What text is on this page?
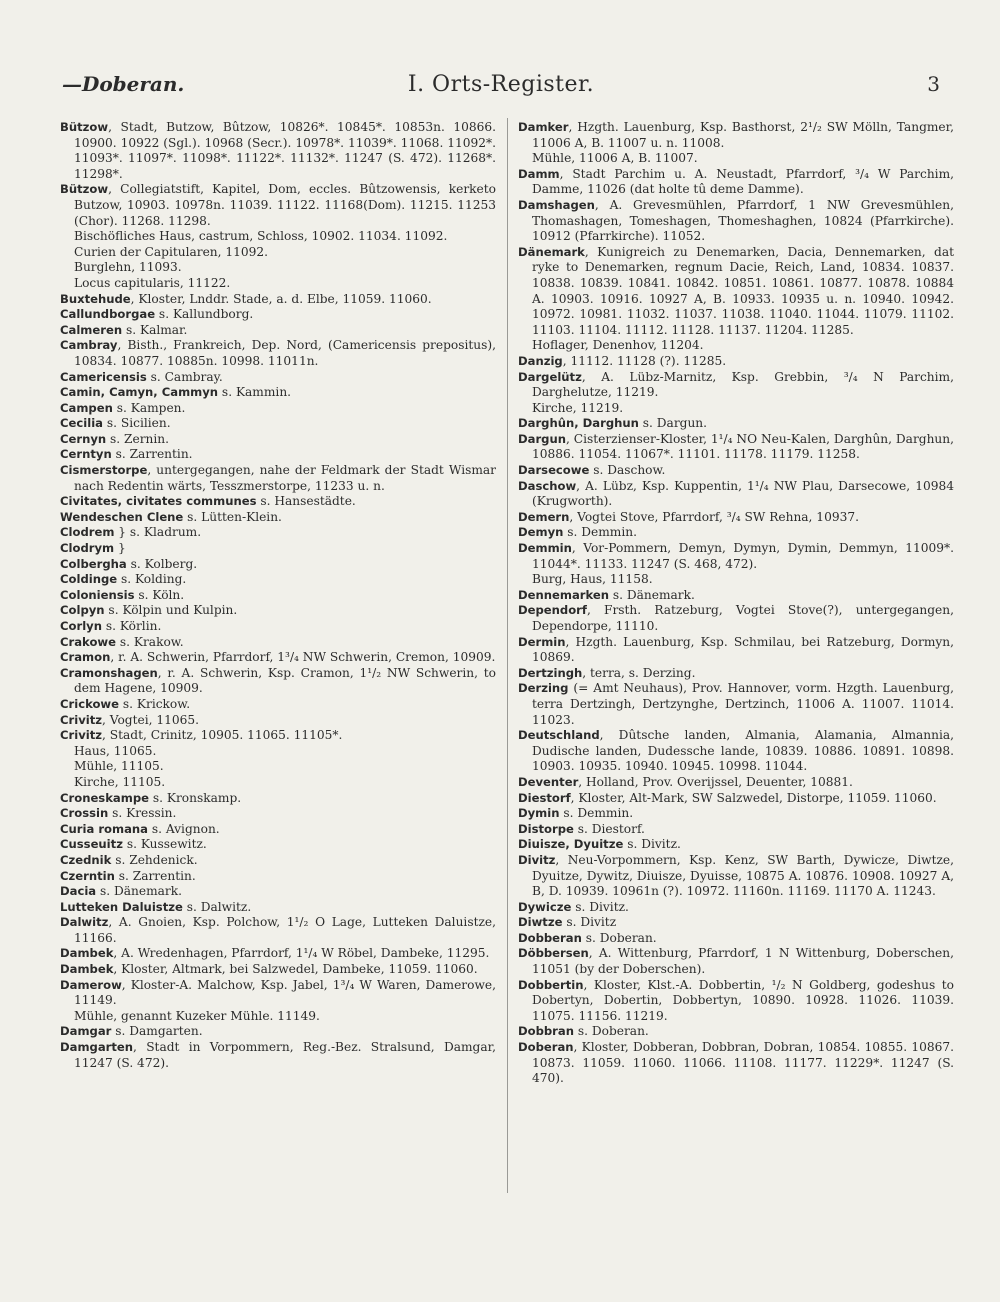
—Doberan.	I. Orts-Register.	3

Bützow, Stadt, Butzow, Bûtzow, 10826*. 10845*. 10853n. 10866. 10900. 10922 (Sgl.). 10968 (Secr.). 10978*. 11039*. 11068. 11092*. 11093*. 11097*. 11098*. 11122*. 11132*. 11247 (S. 472). 11268*. 11298*.

Bützow, Collegiatstift, Kapitel, Dom, eccles. Bûtzowensis, kerketo Butzow, 10903. 10978n. 11039. 11122. 11168(Dom). 11215. 11253 (Chor). 11268. 11298.

Bischöfliches Haus, castrum, Schloss, 10902. 11034. 11092.

Curien der Capitularen, 11092.

Burglehn, 11093.

Locus capitularis, 11122.

Buxtehude, Kloster, Lnddr. Stade, a. d. Elbe, 11059. 11060.

Callundborgae s. Kallundborg.

Calmeren s. Kalmar.

Cambray, Bisth., Frankreich, Dep. Nord, (Camericensis prepositus), 10834. 10877. 10885n. 10998. 11011n.

Camericensis s. Cambray.

Camin, Camyn, Cammyn s. Kammin.

Campen s. Kampen.

Cecilia s. Sicilien.

Cernyn s. Zernin.

Cerntyn s. Zarrentin.

Cismerstorpe, untergegangen, nahe der Feldmark der Stadt Wismar nach Redentin wärts, Tesszmerstorpe, 11233 u. n.

Civitates, civitates communes s. Hansestädte.

Wendeschen Clene s. Lütten-Klein.

Clodrem } s. Kladrum.

Clodrym }

Colbergha s. Kolberg.

Coldinge s. Kolding.

Coloniensis s. Köln.

Colpyn s. Kölpin und Kulpin.

Corlyn s. Körlin.

Crakowe s. Krakow.

Cramon, r. A. Schwerin, Pfarrdorf, 1³/₄ NW Schwerin, Cremon, 10909.

Cramonshagen, r. A. Schwerin, Ksp. Cramon, 1¹/₂ NW Schwerin, to dem Hagene, 10909.

Crickowe s. Krickow.

Crivitz, Vogtei, 11065.

Crivitz, Stadt, Crinitz, 10905. 11065. 11105*.

Haus, 11065.

Mühle, 11105.

Kirche, 11105.

Croneskampe s. Kronskamp.

Crossin s. Kressin.

Curia romana s. Avignon.

Cusseuitz s. Kussewitz.

Czednik s. Zehdenick.

Czerntin s. Zarrentin.

Dacia s. Dänemark.

Lutteken Daluistze s. Dalwitz.

Dalwitz, A. Gnoien, Ksp. Polchow, 1¹/₂ O Lage, Lutteken Daluistze, 11166.

Dambek, A. Wredenhagen, Pfarrdorf, 1¹/₄ W Röbel, Dambeke, 11295.

Dambek, Kloster, Altmark, bei Salzwedel, Dambeke, 11059. 11060.

Damerow, Kloster-A. Malchow, Ksp. Jabel, 1³/₄ W Waren, Damerowe, 11149.

Mühle, genannt Kuzeker Mühle. 11149.

Damgar s. Damgarten.

Damgarten, Stadt in Vorpommern, Reg.-Bez. Stralsund, Damgar, 11247 (S. 472).

Damker, Hzgth. Lauenburg, Ksp. Basthorst, 2¹/₂ SW Mölln, Tangmer, 11006 A, B. 11007 u. n. 11008.

Mühle, 11006 A, B. 11007.

Damm, Stadt Parchim u. A. Neustadt, Pfarrdorf, ³/₄ W Parchim, Damme, 11026 (dat holte tû deme Damme).

Damshagen, A. Grevesmühlen, Pfarrdorf, 1 NW Grevesmühlen, Thomashagen, Tomeshagen, Thomeshaghen, 10824 (Pfarrkirche). 10912 (Pfarrkirche). 11052.

Dänemark, Kunigreich zu Denemarken, Dacia, Dennemarken, dat ryke to Denemarken, regnum Dacie, Reich, Land, 10834. 10837. 10838. 10839. 10841. 10842. 10851. 10861. 10877. 10878. 10884 A. 10903. 10916. 10927 A, B. 10933. 10935 u. n. 10940. 10942. 10972. 10981. 11032. 11037. 11038. 11040. 11044. 11079. 11102. 11103. 11104. 11112. 11128. 11137. 11204. 11285.

Hoflager, Denenhov, 11204.

Danzig, 11112. 11128 (?). 11285.

Dargelütz, A. Lübz-Marnitz, Ksp. Grebbin, ³/₄ N Parchim, Darghelutze, 11219.

Kirche, 11219.

Darghûn, Darghun s. Dargun.

Dargun, Cisterzienser-Kloster, 1¹/₄ NO Neu-Kalen, Darghûn, Darghun, 10886. 11054. 11067*. 11101. 11178. 11179. 11258.

Darsecowe s. Daschow.

Daschow, A. Lübz, Ksp. Kuppentin, 1¹/₄ NW Plau, Darsecowe, 10984 (Krugworth).

Demern, Vogtei Stove, Pfarrdorf, ³/₄ SW Rehna, 10937.

Demyn s. Demmin.

Demmin, Vor-Pommern, Demyn, Dymyn, Dymin, Demmyn, 11009*. 11044*. 11133. 11247 (S. 468, 472).

Burg, Haus, 11158.

Dennemarken s. Dänemark.

Dependorf, Frsth. Ratzeburg, Vogtei Stove(?), untergegangen, Dependorpe, 11110.

Dermin, Hzgth. Lauenburg, Ksp. Schmilau, bei Ratzeburg, Dormyn, 10869.

Dertzingh, terra, s. Derzing.

Derzing (= Amt Neuhaus), Prov. Hannover, vorm. Hzgth. Lauenburg, terra Dertzingh, Dertzynghe, Dertzinch, 11006 A. 11007. 11014. 11023.

Deutschland, Dûtsche landen, Almania, Alamania, Almannia, Dudische landen, Dudessche lande, 10839. 10886. 10891. 10898. 10903. 10935. 10940. 10945. 10998. 11044.

Deventer, Holland, Prov. Overijssel, Deuenter, 10881.

Diestorf, Kloster, Alt-Mark, SW Salzwedel, Distorpe, 11059. 11060.

Dymin s. Demmin.

Distorpe s. Diestorf.

Diuisze, Dyuitze s. Divitz.

Divitz, Neu-Vorpommern, Ksp. Kenz, SW Barth, Dywicze, Diwtze, Dyuitze, Dywitz, Diuisze, Dyuisse, 10875 A. 10876. 10908. 10927 A, B, D. 10939. 10961n (?). 10972. 11160n. 11169. 11170 A. 11243.

Dywicze s. Divitz.

Diwtze s. Divitz

Dobberan s. Doberan.

Döbbersen, A. Wittenburg, Pfarrdorf, 1 N Wittenburg, Doberschen, 11051 (by der Doberschen).

Dobbertin, Kloster, Klst.-A. Dobbertin, ¹/₂ N Goldberg, godeshus to Dobertyn, Dobertin, Dobbertyn, 10890. 10928. 11026. 11039. 11075. 11156. 11219.

Dobbran s. Doberan.

Doberan, Kloster, Dobberan, Dobbran, Dobran, 10854. 10855. 10867. 10873. 11059. 11060. 11066. 11108. 11177. 11229*. 11247 (S. 470).
